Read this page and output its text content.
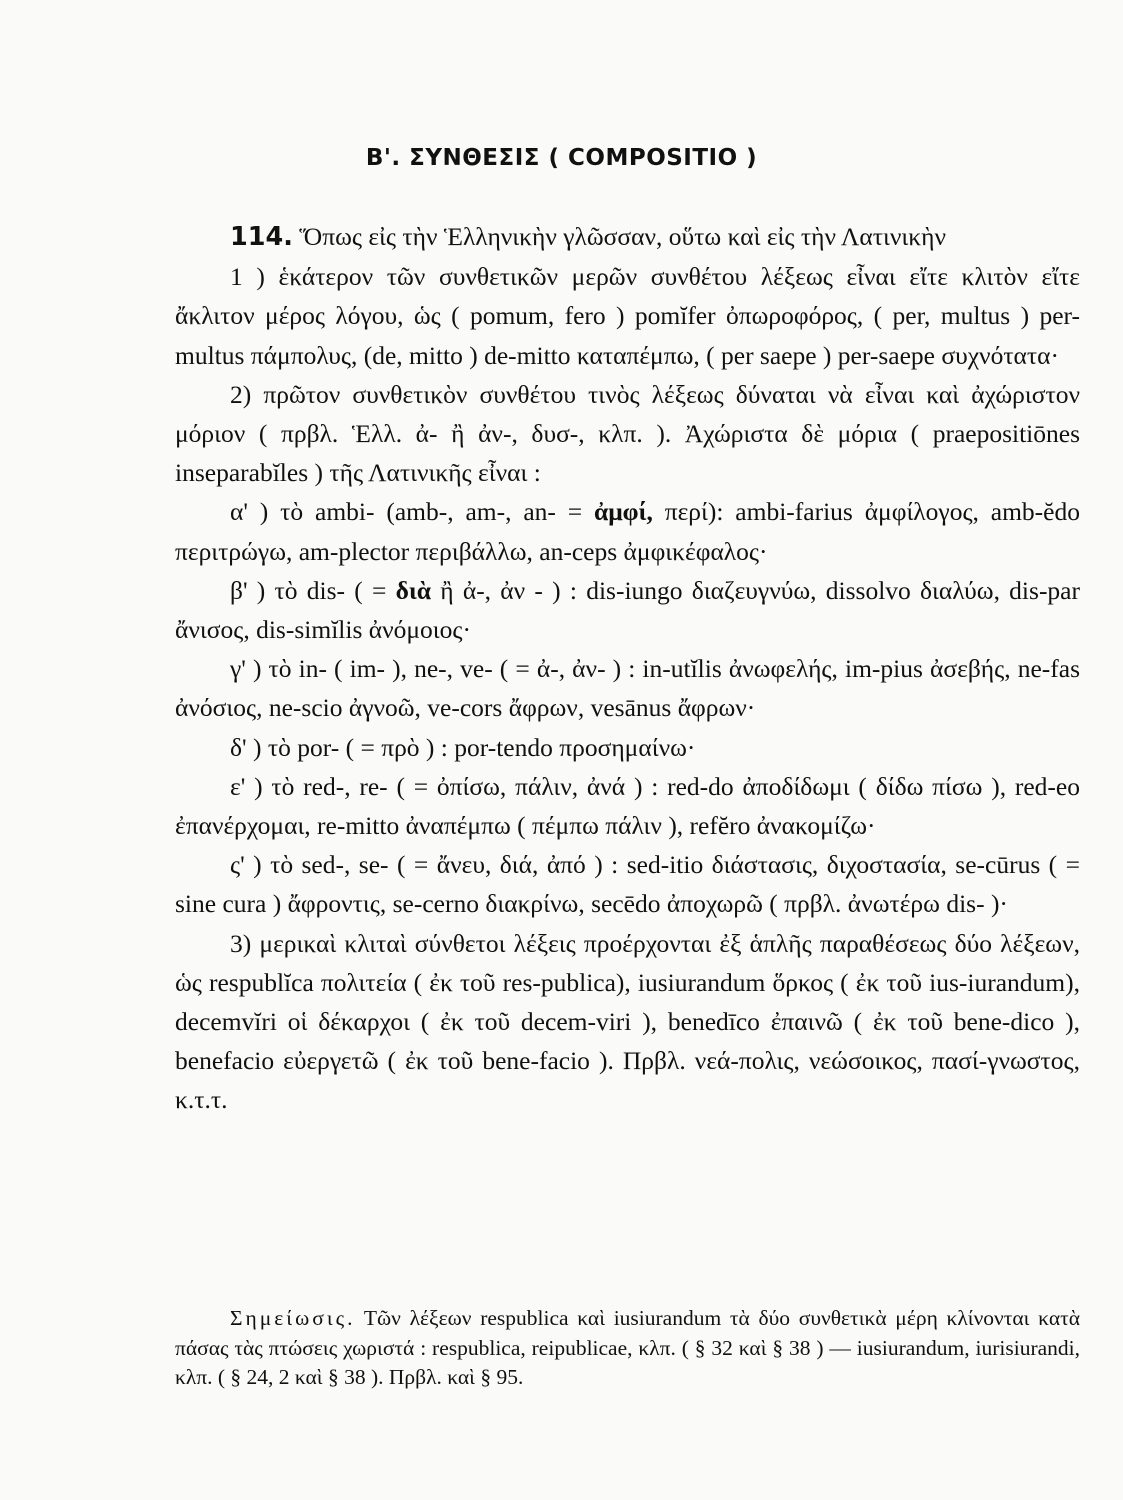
Β'. ΣΥΝΘΕΣΙΣ ( COMPOSITIO )

114. Ὅπως εἰς τὴν Ἑλληνικὴν γλῶσσαν, οὕτω καὶ εἰς τὴν Λατινικὴν

1 ) ἑκάτερον τῶν συνθετικῶν μερῶν συνθέτου λέξεως εἶναι εἴτε κλιτὸν εἴτε ἄκλιτον μέρος λόγου, ὡς ( pomum, fero ) pomĭfer ὀπωροφόρος, ( per, multus ) per-multus πάμπολυς, (de, mitto ) de-mitto καταπέμπω, ( per saepe ) per-saepe συχνότατα·

2) πρῶτον συνθετικὸν συνθέτου τινὸς λέξεως δύναται νὰ εἶναι καὶ ἀχώριστον μόριον ( πρβλ. Ἑλλ. ἀ- ἢ ἀν-, δυσ-, κλπ. ). Ἀχώριστα δὲ μόρια ( praepositiōnes inseparabĭles ) τῆς Λατινικῆς εἶναι :

α' ) τὸ ambi- (amb-, am-, an- = ἀμφί, περί): ambi-farius ἀμφίλογος, amb-ĕdo περιτρώγω, am-plector περιβάλλω, an-ceps ἀμφικέφαλος·

β' ) τὸ dis- ( = διὰ ἢ ἀ-, ἀν - ) : dis-iungo διαζευγνύω, dissolvo διαλύω, dis-par ἄνισος, dis-simĭlis ἀνόμοιος·

γ' ) τὸ in- ( im- ), ne-, ve- ( = ἀ-, ἀν- ) : in-utĭlis ἀνωφελής, im-pius ἀσεβής, ne-fas ἀνόσιος, ne-scio ἀγνοῶ, ve-cors ἄφρων, vesānus ἄφρων·

δ' ) τὸ por- ( = πρὸ ) : por-tendo προσημαίνω·

ε' ) τὸ red-, re- ( = ὀπίσω, πάλιν, ἀνά ) : red-do ἀποδίδωμι ( δίδω πίσω ), red-eo ἐπανέρχομαι, re-mitto ἀναπέμπω ( πέμπω πάλιν ), refĕro ἀνακομίζω·

ς' ) τὸ sed-, se- ( = ἄνευ, διά, ἀπό ) : sed-itio διάστασις, διχοστασία, se-cūrus ( = sine cura ) ἄφροντις, se-cerno διακρίνω, secēdo ἀποχωρῶ ( πρβλ. ἀνωτέρω dis- )·

3) μερικαὶ κλιταὶ σύνθετοι λέξεις προέρχονται ἐξ ἁπλῆς παραθέσεως δύο λέξεων, ὡς respublĭca πολιτεία ( ἐκ τοῦ res-publica), iusiurandum ὅρκος ( ἐκ τοῦ ius-iurandum), decemvĭri οἱ δέκαρχοι ( ἐκ τοῦ decem-viri ), benedīco ἐπαινῶ ( ἐκ τοῦ bene-dico ), benefacio εὐεργετῶ ( ἐκ τοῦ bene-facio ). Πρβλ. νεά-πολις, νεώσοικος, πασί-γνωστος, κ.τ.τ.

Σημείωσις. Τῶν λέξεων respublica καὶ iusiurandum τὰ δύο συνθετικὰ μέρη κλίνονται κατὰ πάσας τὰς πτώσεις χωριστά : respublica, reipublicae, κλπ. ( § 32 καὶ § 38 ) — iusiurandum, iurisiurandi, κλπ. ( § 24, 2 καὶ § 38 ). Πρβλ. καὶ § 95.
